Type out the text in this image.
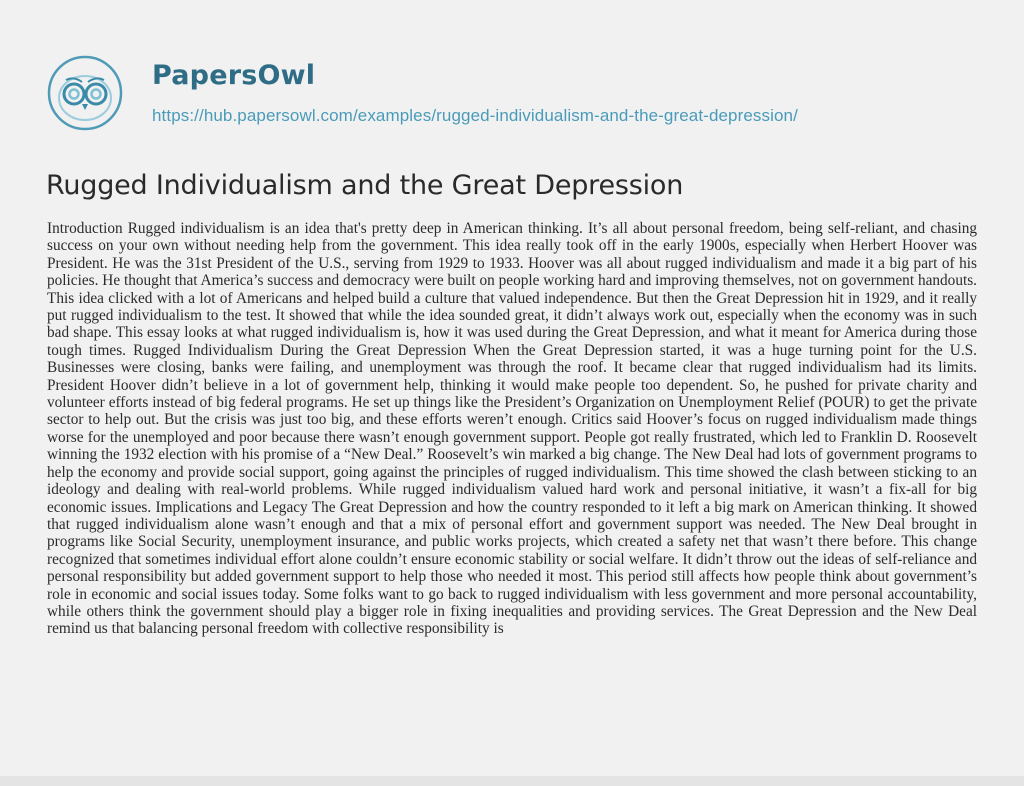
PapersOwl
https://hub.papersowl.com/examples/rugged-individualism-and-the-great-depression/
Rugged Individualism and the Great Depression

Introduction Rugged individualism is an idea that's pretty deep in American thinking. It’s all about personal freedom, being self-reliant, and chasing success on your own without needing help from the government. This idea really took off in the early 1900s, especially when Herbert Hoover was President. He was the 31st President of the U.S., serving from 1929 to 1933. Hoover was all about rugged individualism and made it a big part of his policies. He thought that America’s success and democracy were built on people working hard and improving themselves, not on government handouts. This idea clicked with a lot of Americans and helped build a culture that valued independence. But then the Great Depression hit in 1929, and it really put rugged individualism to the test. It showed that while the idea sounded great, it didn’t always work out, especially when the economy was in such bad shape. This essay looks at what rugged individualism is, how it was used during the Great Depression, and what it meant for America during those tough times. Rugged Individualism During the Great Depression When the Great Depression started, it was a huge turning point for the U.S. Businesses were closing, banks were failing, and unemployment was through the roof. It became clear that rugged individualism had its limits. President Hoover didn’t believe in a lot of government help, thinking it would make people too dependent. So, he pushed for private charity and volunteer efforts instead of big federal programs. He set up things like the President’s Organization on Unemployment Relief (POUR) to get the private sector to help out. But the crisis was just too big, and these efforts weren’t enough. Critics said Hoover’s focus on rugged individualism made things worse for the unemployed and poor because there wasn’t enough government support. People got really frustrated, which led to Franklin D. Roosevelt winning the 1932 election with his promise of a “New Deal.” Roosevelt’s win marked a big change. The New Deal had lots of government programs to help the economy and provide social support, going against the principles of rugged individualism. This time showed the clash between sticking to an ideology and dealing with real-world problems. While rugged individualism valued hard work and personal initiative, it wasn’t a fix-all for big economic issues. Implications and Legacy The Great Depression and how the country responded to it left a big mark on American thinking. It showed that rugged individualism alone wasn’t enough and that a mix of personal effort and government support was needed. The New Deal brought in programs like Social Security, unemployment insurance, and public works projects, which created a safety net that wasn’t there before. This change recognized that sometimes individual effort alone couldn’t ensure economic stability or social welfare. It didn’t throw out the ideas of self-reliance and personal responsibility but added government support to help those who needed it most. This period still affects how people think about government’s role in economic and social issues today. Some folks want to go back to rugged individualism with less government and more personal accountability, while others think the government should play a bigger role in fixing inequalities and providing services. The Great Depression and the New Deal remind us that balancing personal freedom with collective responsibility is
